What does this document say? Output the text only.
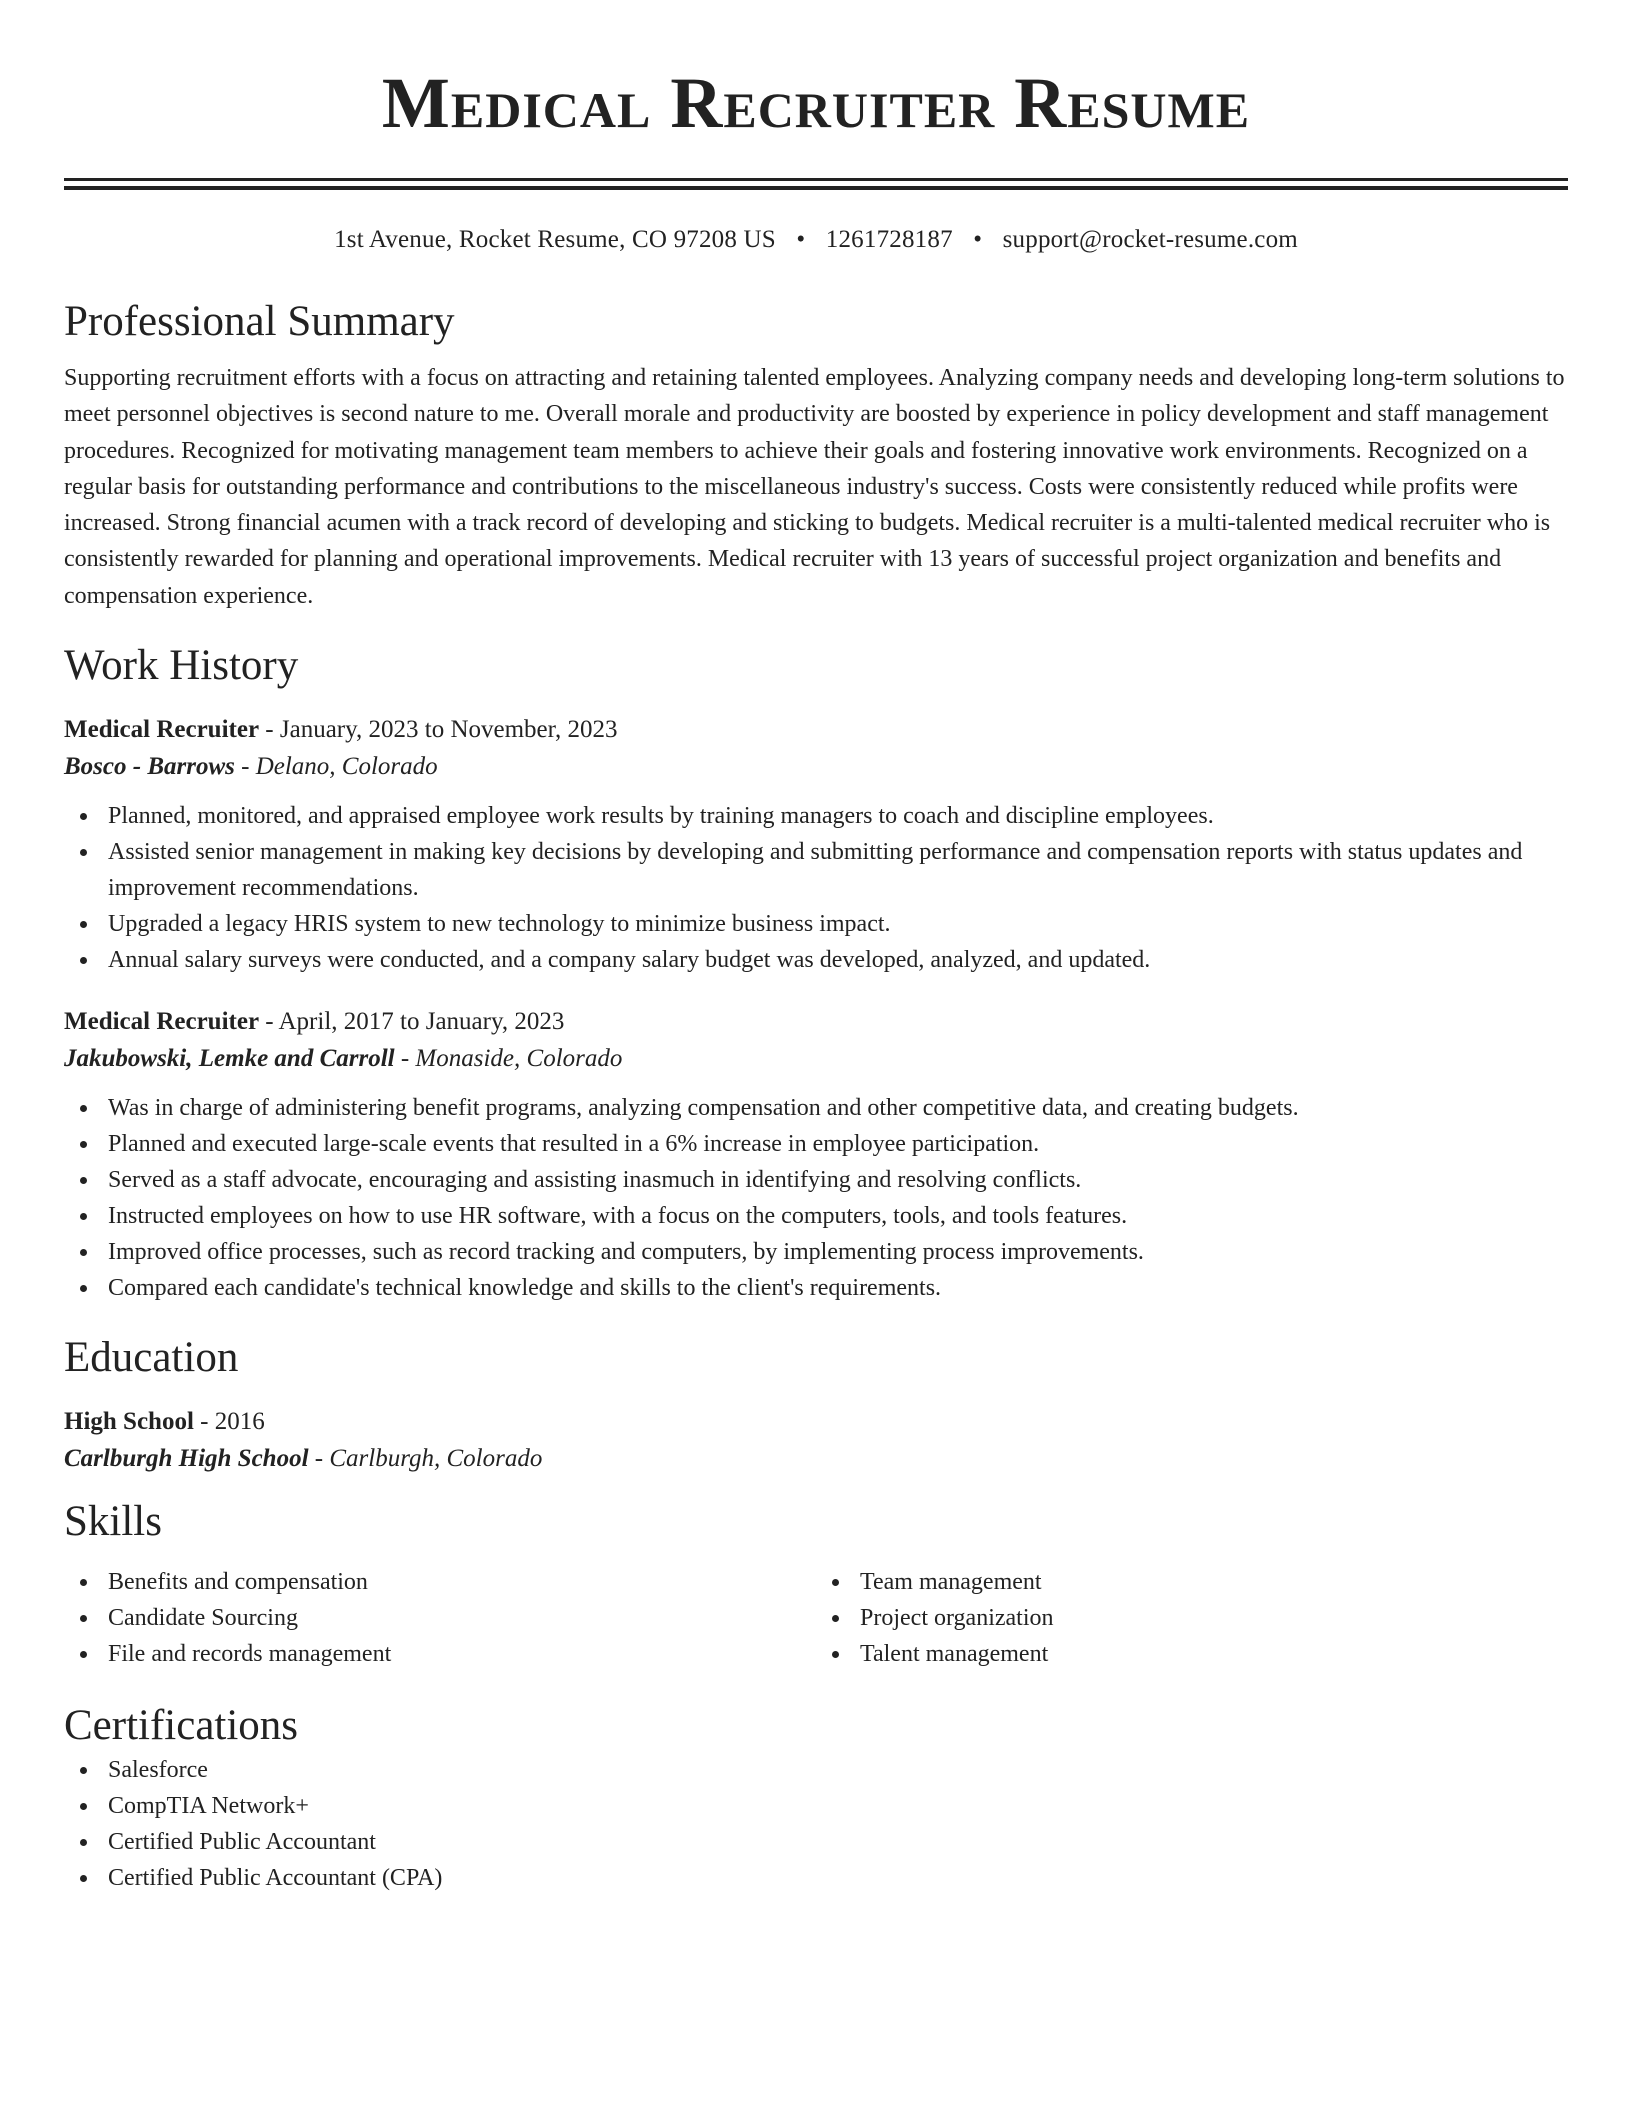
Medical Recruiter Resume
1st Avenue, Rocket Resume, CO 97208 US • 1261728187 • support@rocket-resume.com
Professional Summary

Supporting recruitment efforts with a focus on attracting and retaining talented employees. Analyzing company needs and developing long-term solutions to meet personnel objectives is second nature to me. Overall morale and productivity are boosted by experience in policy development and staff management procedures. Recognized for motivating management team members to achieve their goals and fostering innovative work environments. Recognized on a regular basis for outstanding performance and contributions to the miscellaneous industry's success. Costs were consistently reduced while profits were increased. Strong financial acumen with a track record of developing and sticking to budgets. Medical recruiter is a multi-talented medical recruiter who is consistently rewarded for planning and operational improvements. Medical recruiter with 13 years of successful project organization and benefits and compensation experience.

Work History
Medical Recruiter - January, 2023 to November, 2023
Bosco - Barrows - Delano, Colorado
Planned, monitored, and appraised employee work results by training managers to coach and discipline employees.
Assisted senior management in making key decisions by developing and submitting performance and compensation reports with status updates and improvement recommendations.
Upgraded a legacy HRIS system to new technology to minimize business impact.
Annual salary surveys were conducted, and a company salary budget was developed, analyzed, and updated.
Medical Recruiter - April, 2017 to January, 2023
Jakubowski, Lemke and Carroll - Monaside, Colorado
Was in charge of administering benefit programs, analyzing compensation and other competitive data, and creating budgets.
Planned and executed large-scale events that resulted in a 6% increase in employee participation.
Served as a staff advocate, encouraging and assisting inasmuch in identifying and resolving conflicts.
Instructed employees on how to use HR software, with a focus on the computers, tools, and tools features.
Improved office processes, such as record tracking and computers, by implementing process improvements.
Compared each candidate's technical knowledge and skills to the client's requirements.
Education
High School - 2016
Carlburgh High School - Carlburgh, Colorado
Skills
Benefits and compensation
Candidate Sourcing
File and records management
Team management
Project organization
Talent management
Certifications
Salesforce
CompTIA Network+
Certified Public Accountant
Certified Public Accountant (CPA)
